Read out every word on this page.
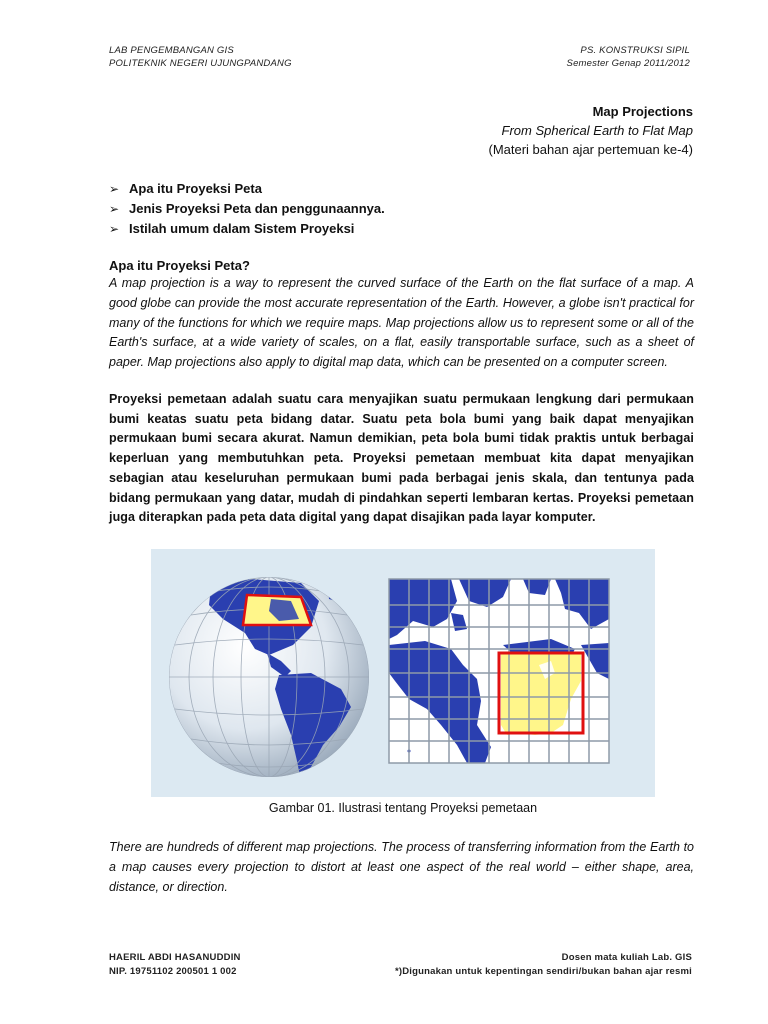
LAB PENGEMBANGAN GIS
POLITEKNIK NEGERI UJUNGPANDANG
PS. KONSTRUKSI SIPIL
Semester Genap 2011/2012
Map Projections
From Spherical Earth to Flat Map
(Materi bahan ajar pertemuan ke-4)
➢ Apa itu Proyeksi Peta
➢ Jenis Proyeksi Peta dan penggunaannya.
➢ Istilah umum dalam Sistem Proyeksi
Apa itu Proyeksi Peta?
A map projection is a way to represent the curved surface of the Earth on the flat surface of a map. A good globe can provide the most accurate representation of the Earth. However, a globe isn't practical for many of the functions for which we require maps. Map projections allow us to represent some or all of the Earth's surface, at a wide variety of scales, on a flat, easily transportable surface, such as a sheet of paper. Map projections also apply to digital map data, which can be presented on a computer screen.
Proyeksi pemetaan adalah suatu cara menyajikan suatu permukaan lengkung dari permukaan bumi keatas suatu peta bidang datar. Suatu peta bola bumi yang baik dapat menyajikan permukaan bumi secara akurat. Namun demikian, peta bola bumi tidak praktis untuk berbagai keperluan yang membutuhkan peta. Proyeksi pemetaan membuat kita dapat menyajikan sebagian atau keseluruhan permukaan bumi pada berbagai jenis skala, dan tentunya pada bidang permukaan yang datar, mudah di pindahkan seperti lembaran kertas. Proyeksi pemetaan juga diterapkan pada peta data digital yang dapat disajikan pada layar komputer.
Gambar 01. Ilustrasi tentang Proyeksi pemetaan
There are hundreds of different map projections. The process of transferring information from the Earth to a map causes every projection to distort at least one aspect of the real world – either shape, area, distance, or direction.
HAERIL ABDI HASANUDDIN
NIP. 19751102 200501 1 002
Dosen mata kuliah Lab. GIS
*)Digunakan untuk kepentingan sendiri/bukan bahan ajar resmi
